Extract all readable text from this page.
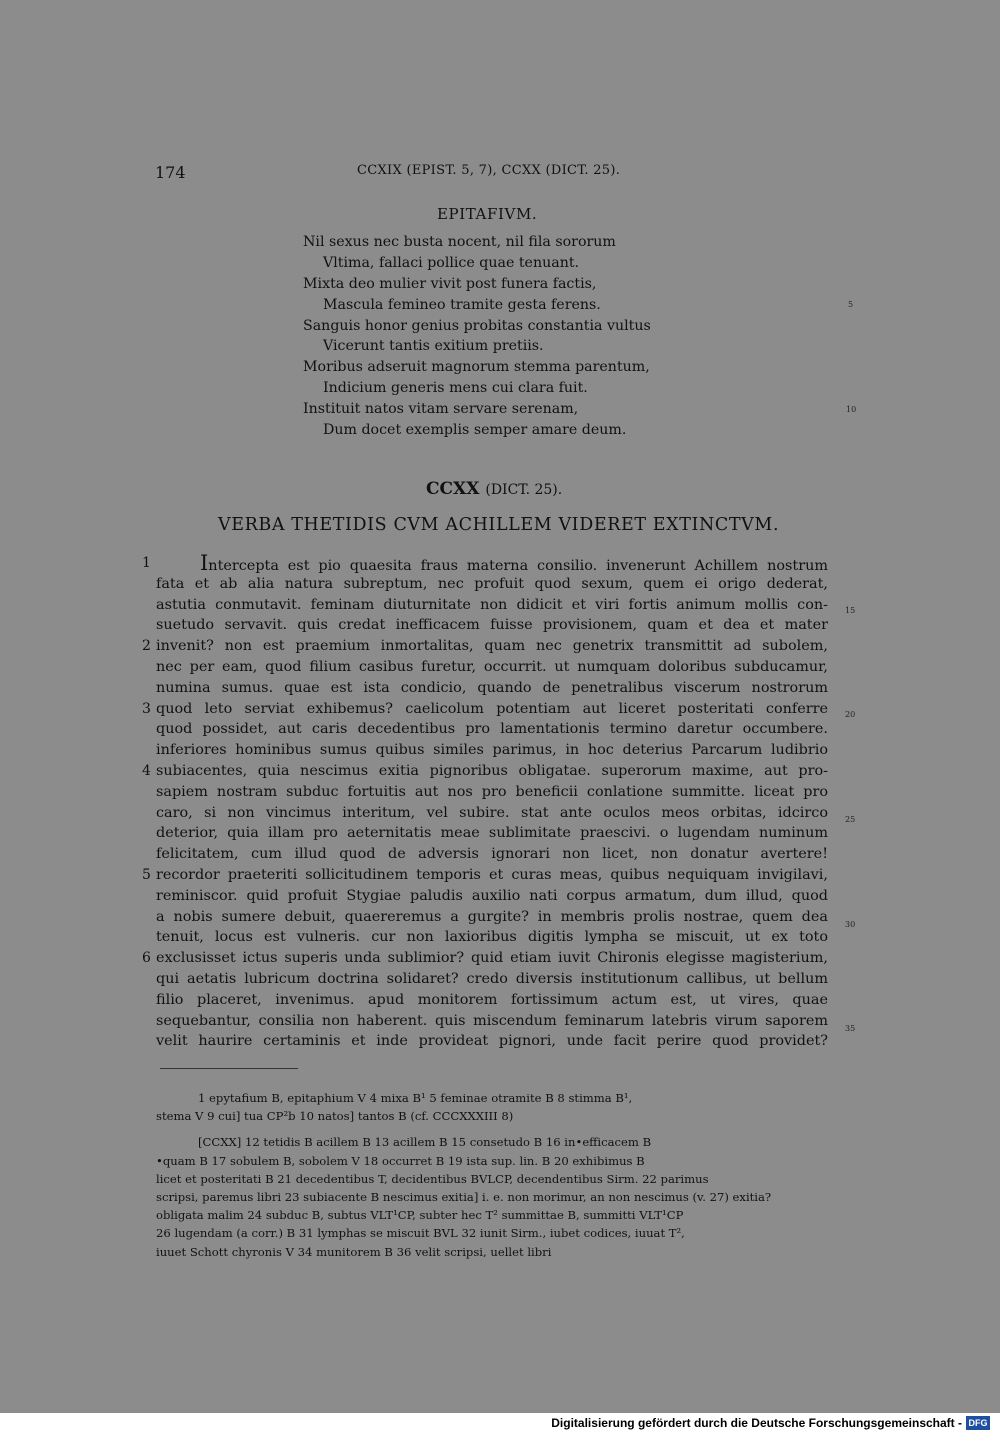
174	CCXIX (EPIST. 5, 7), CCXX (DICT. 25).
EPITAFIVM.
Nil sexus nec busta nocent, nil fila sororum
Vltima, fallaci pollice quae tenuant.
Mixta deo mulier vivit post funera factis,
Mascula femineo tramite gesta ferens.
Sanguis honor genius probitas constantia vultus
Vicerunt tantis exitium pretiis.
Moribus adseruit magnorum stemma parentum,
Indicium generis mens cui clara fuit.
Instituit natos vitam servare serenam,
Dum docet exemplis semper amare deum.
5
10
CCXX (DICT. 25).
VERBA THETIDIS CVM ACHILLEM VIDERET EXTINCTVM.
1 Intercepta est pio quaesita fraus materna consilio. invenerunt Achillem nostrum
fata et ab alia natura subreptum, nec profuit quod sexum, quem ei origo dederat,
astutia conmutavit. feminam diuturnitate non didicit et viri fortis animum mollis con-
suetudo servavit. quis credat inefficacem fuisse provisionem, quam et dea et mater
2 invenit? non est praemium inmortalitas, quam nec genetrix transmittit ad subolem,
nec per eam, quod filium casibus furetur, occurrit. ut numquam doloribus subducamur,
numina sumus. quae est ista condicio, quando de penetralibus viscerum nostrorum
3 quod leto serviat exhibemus? caelicolum potentiam aut liceret posteritati conferre
quod possidet, aut caris decedentibus pro lamentationis termino daretur occumbere.
inferiores hominibus sumus quibus similes parimus, in hoc deterius Parcarum ludibrio
4 subiacentes, quia nescimus exitia pignoribus obligatae. superorum maxime, aut pro-
sapiem nostram subduc fortuitis aut nos pro beneficii conlatione summitte. liceat pro
caro, si non vincimus interitum, vel subire. stat ante oculos meos orbitas, idcirco
deterior, quia illam pro aeternitatis meae sublimitate praescivi. o lugendam numinum
felicitatem, cum illud quod de adversis ignorari non licet, non donatur avertere!
5 recordor praeteriti sollicitudinem temporis et curas meas, quibus nequiquam invigilavi,
reminiscor. quid profuit Stygiae paludis auxilio nati corpus armatum, dum illud, quod
a nobis sumere debuit, quaereremus a gurgite? in membris prolis nostrae, quem dea
tenuit, locus est vulneris. cur non laxioribus digitis lympha se miscuit, ut ex toto
6 exclusisset ictus superis unda sublimior? quid etiam iuvit Chironis elegisse magisterium,
qui aetatis lubricum doctrina solidaret? credo diversis institutionum callibus, ut bellum
filio placeret, invenimus. apud monitorem fortissimum actum est, ut vires, quae
sequebantur, consilia non haberent. quis miscendum feminarum latebris virum saporem
velit haurire certaminis et inde provideat pignori, unde facit perire quod providet?
15
20
25
30
35
1 epytafium B, epitaphium V 4 mixa B¹ 5 feminae otramite B 8 stimma B¹,
stema V 9 cui] tua CP²b 10 natos] tantos B (cf. CCCXXXIII 8)
[CCXX] 12 tetidis B acillem B 13 acillem B 15 consetudo B 16 in•efficacem B
•quam B 17 sobulem B, sobolem V 18 occurret B 19 ista sup. lin. B 20 exhibimus B
licet et posteritati B 21 decedentibus T, decidentibus BVLCP, decendentibus Sirm. 22 parimus
scripsi, paremus libri 23 subiacente B nescimus exitia] i. e. non morimur, an non nescimus (v. 27) exitia?
obligata malim 24 subduc B, subtus VLT¹CP, subter hec T² summittae B, summitti VLT¹CP
26 lugendam (a corr.) B 31 lymphas se miscuit BVL 32 iunit Sirm., iubet codices, iuuat T²,
iuuet Schott chyronis V 34 munitorem B 36 velit scripsi, uellet libri
Digitalisierung gefördert durch die Deutsche Forschungsgemeinschaft - DFG
